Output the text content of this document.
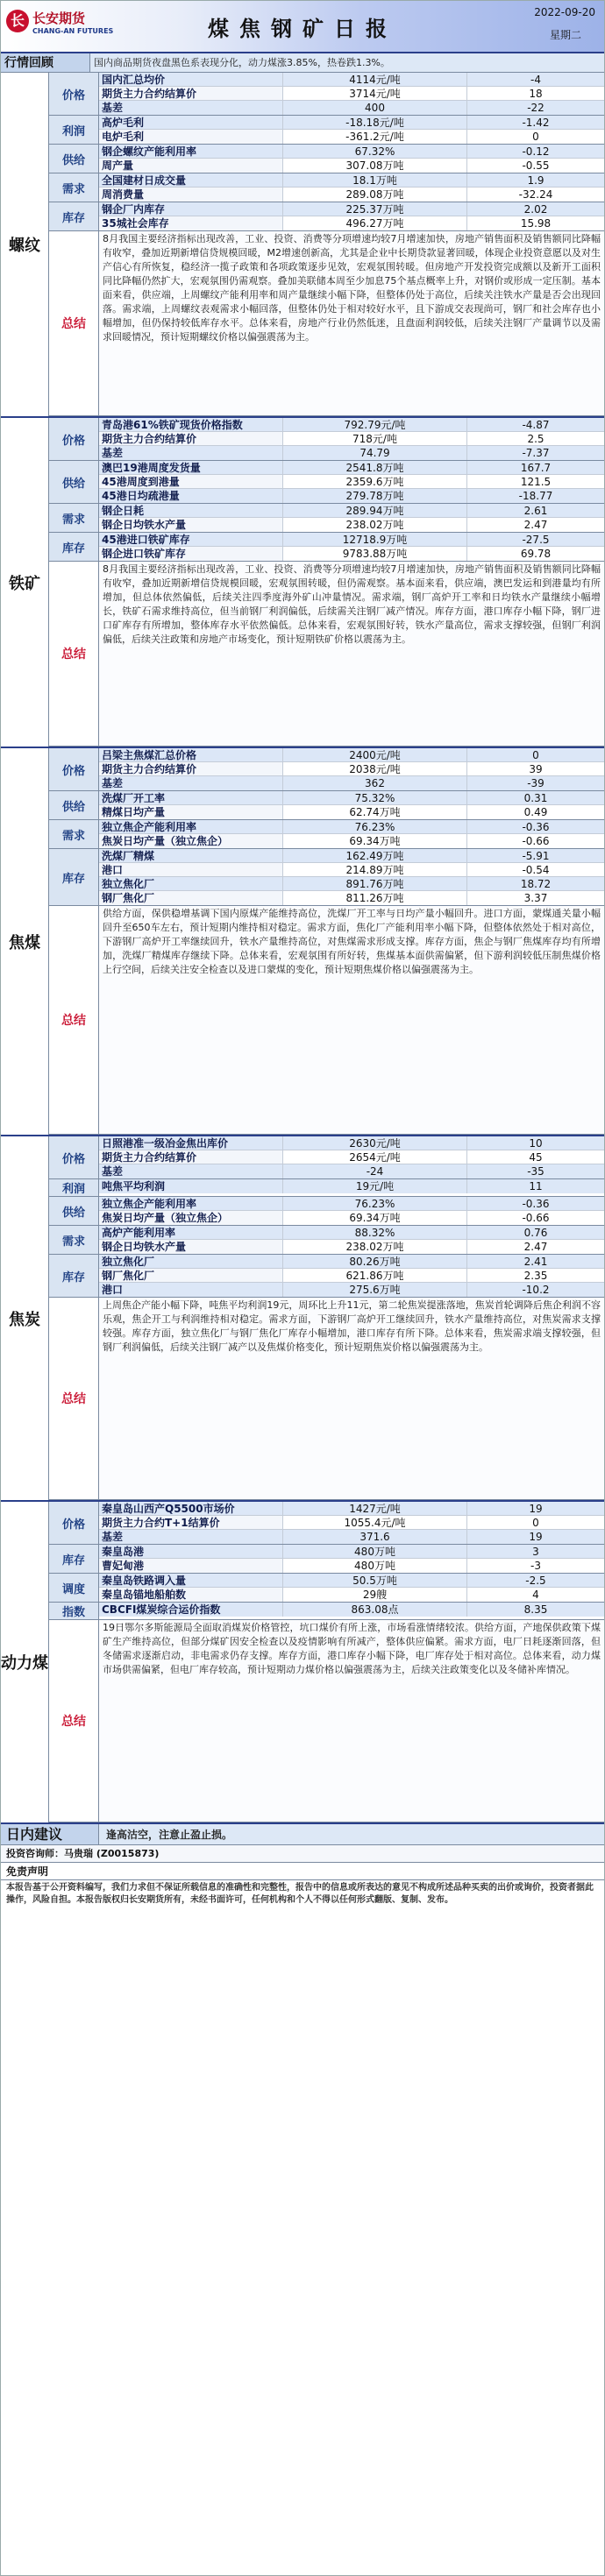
长 长安期货
CHANG-AN FUTURES	煤焦钢矿日报
2022-09-20
星期二
行情回顾	国内商品期货夜盘黑色系表现分化，动力煤涨3.85%，热卷跌1.3%。
螺纹
价格
国内汇总均价	4114元/吨	-4
期货主力合约结算价	3714元/吨	18
基差	400	-22
利润
高炉毛利	-18.18元/吨	-1.42
电炉毛利	-361.2元/吨	0
供给
钢企螺纹产能利用率	67.32%	-0.12
周产量	307.08万吨	-0.55
需求
全国建材日成交量	18.1万吨	1.9
周消费量	289.08万吨	-32.24
库存
钢企厂内库存	225.37万吨	2.02
35城社会库存	496.27万吨	15.98
总结
8月我国主要经济指标出现改善，工业、投资、消费等分项增速均较7月增速加快，房地产销售面积及销售额同比降幅有收窄，叠加近期新增信贷规模回暖，M2增速创新高，尤其是企业中长期贷款显著回暖，体现企业投资意愿以及对生产信心有所恢复，稳经济一揽子政策和各项政策逐步见效，宏观氛围转暖。但房地产开发投资完成额以及新开工面积同比降幅仍然扩大，宏观氛围仍需观察。叠加美联储本周至少加息75个基点概率上升，对钢价或形成一定压制。基本面来看，供应端，上周螺纹产能利用率和周产量继续小幅下降，但整体仍处于高位，后续关注铁水产量是否会出现回落。需求端，上周螺纹表观需求小幅回落，但整体仍处于相对较好水平，且下游成交表现尚可，钢厂和社会库存也小幅增加，但仍保持较低库存水平。总体来看，房地产行业仍然低迷，且盘面利润较低，后续关注钢厂产量调节以及需求回暖情况，预计短期螺纹价格以偏强震荡为主。
铁矿
价格
青岛港61%铁矿现货价格指数	792.79元/吨	-4.87
期货主力合约结算价	718元/吨	2.5
基差	74.79	-7.37
供给
澳巴19港周度发货量	2541.8万吨	167.7
45港周度到港量	2359.6万吨	121.5
45港日均疏港量	279.78万吨	-18.77
需求
钢企日耗	289.94万吨	2.61
钢企日均铁水产量	238.02万吨	2.47
库存
45港进口铁矿库存	12718.9万吨	-27.5
钢企进口铁矿库存	9783.88万吨	69.78
总结
8月我国主要经济指标出现改善，工业、投资、消费等分项增速均较7月增速加快，房地产销售面积及销售额同比降幅有收窄，叠加近期新增信贷规模回暖，宏观氛围转暖，但仍需观察。基本面来看，供应端，澳巴发运和到港量均有所增加，但总体依然偏低，后续关注四季度海外矿山冲量情况。需求端，钢厂高炉开工率和日均铁水产量继续小幅增长，铁矿石需求维持高位，但当前钢厂利润偏低，后续需关注钢厂减产情况。库存方面，港口库存小幅下降，钢厂进口矿库存有所增加，整体库存水平依然偏低。总体来看，宏观氛围好转，铁水产量高位，需求支撑较强，但钢厂利润偏低，后续关注政策和房地产市场变化，预计短期铁矿价格以震荡为主。
焦煤
价格
吕梁主焦煤汇总价格	2400元/吨	0
期货主力合约结算价	2038元/吨	39
基差	362	-39
供给
洗煤厂开工率	75.32%	0.31
精煤日均产量	62.74万吨	0.49
需求
独立焦企产能利用率	76.23%	-0.36
焦炭日均产量（独立焦企）	69.34万吨	-0.66
库存
洗煤厂精煤	162.49万吨	-5.91
港口	214.89万吨	-0.54
独立焦化厂	891.76万吨	18.72
钢厂焦化厂	811.26万吨	3.37
总结
供给方面，保供稳增基调下国内原煤产能维持高位，洗煤厂开工率与日均产量小幅回升。进口方面，蒙煤通关量小幅回升至650车左右，预计短期内维持相对稳定。需求方面，焦化厂产能利用率小幅下降，但整体依然处于相对高位，下游钢厂高炉开工率继续回升，铁水产量维持高位，对焦煤需求形成支撑。库存方面，焦企与钢厂焦煤库存均有所增加，洗煤厂精煤库存继续下降。总体来看，宏观氛围有所好转，焦煤基本面供需偏紧，但下游利润较低压制焦煤价格上行空间，后续关注安全检查以及进口蒙煤的变化，预计短期焦煤价格以偏强震荡为主。
焦炭
价格
日照港准一级冶金焦出库价	2630元/吨	10
期货主力合约结算价	2654元/吨	45
基差	-24	-35
利润	吨焦平均利润	19元/吨	11
供给
独立焦企产能利用率	76.23%	-0.36
焦炭日均产量（独立焦企）	69.34万吨	-0.66
需求
高炉产能利用率	88.32%	0.76
钢企日均铁水产量	238.02万吨	2.47
库存
独立焦化厂	80.26万吨	2.41
钢厂焦化厂	621.86万吨	2.35
港口	275.6万吨	-10.2
总结
上周焦企产能小幅下降，吨焦平均利润19元，周环比上升11元，第二轮焦炭提涨落地，焦炭首轮调降后焦企利润不容乐观，焦企开工与利润维持相对稳定。需求方面，下游钢厂高炉开工继续回升，铁水产量维持高位，对焦炭需求支撑较强。库存方面，独立焦化厂与钢厂焦化厂库存小幅增加，港口库存有所下降。总体来看，焦炭需求端支撑较强，但钢厂利润偏低，后续关注钢厂减产以及焦煤价格变化，预计短期焦炭价格以偏强震荡为主。
动力煤
价格
秦皇岛山西产Q5500市场价	1427元/吨	19
期货主力合约T+1结算价	1055.4元/吨	0
基差	371.6	19
库存
秦皇岛港	480万吨	3
曹妃甸港	480万吨	-3
调度
秦皇岛铁路调入量	50.5万吨	-2.5
秦皇岛锚地船舶数	29艘	4
指数	CBCFI煤炭综合运价指数	863.08点	8.35
总结
19日鄂尔多斯能源局全面取消煤炭价格管控，坑口煤价有所上涨，市场看涨情绪较浓。供给方面，产地保供政策下煤矿生产维持高位，但部分煤矿因安全检查以及疫情影响有所减产，整体供应偏紧。需求方面，电厂日耗逐渐回落，但冬储需求逐渐启动，非电需求仍存支撑。库存方面，港口库存小幅下降，电厂库存处于相对高位。总体来看，动力煤市场供需偏紧，但电厂库存较高，预计短期动力煤价格以偏强震荡为主，后续关注政策变化以及冬储补库情况。
日内建议	逢高沽空，注意止盈止损。
投资咨询师：马贵瑞 (Z0015873)
免责声明
本报告基于公开资料编写，我们力求但不保证所载信息的准确性和完整性，报告中的信息或所表达的意见不构成所述品种买卖的出价或询价，投资者据此操作，风险自担。本报告版权归长安期货所有，未经书面许可，任何机构和个人不得以任何形式翻版、复制、发布。
